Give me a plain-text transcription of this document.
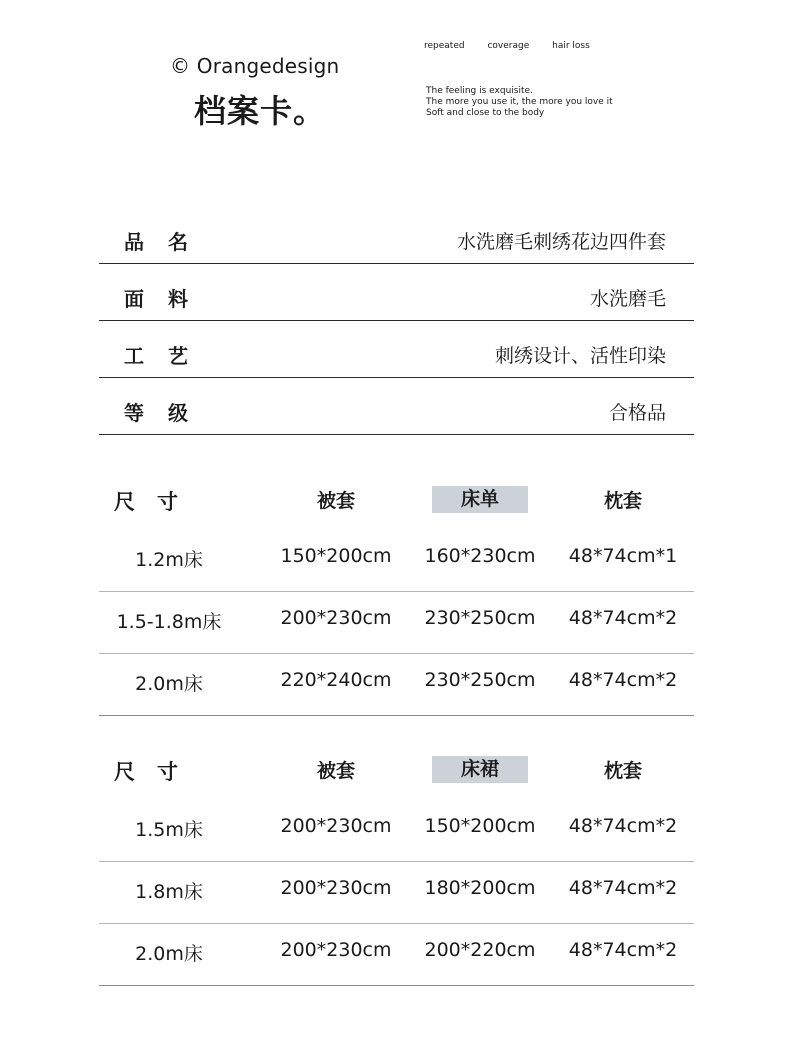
© Orangedesign
档案卡。
repeated	coverage	hair loss
The feeling is exquisite.
The more you use it, the more you love it
Soft and close to the body
品名	水洗磨毛刺绣花边四件套
面料	水洗磨毛
工艺	刺绣设计、活性印染
等级	合格品
尺寸	被套	床单	枕套
1.2m床	150*200cm	160*230cm	48*74cm*1
1.5-1.8m床	200*230cm	230*250cm	48*74cm*2
2.0m床	220*240cm	230*250cm	48*74cm*2
尺寸	被套	床裙	枕套
1.5m床	200*230cm	150*200cm	48*74cm*2
1.8m床	200*230cm	180*200cm	48*74cm*2
2.0m床	200*230cm	200*220cm	48*74cm*2
